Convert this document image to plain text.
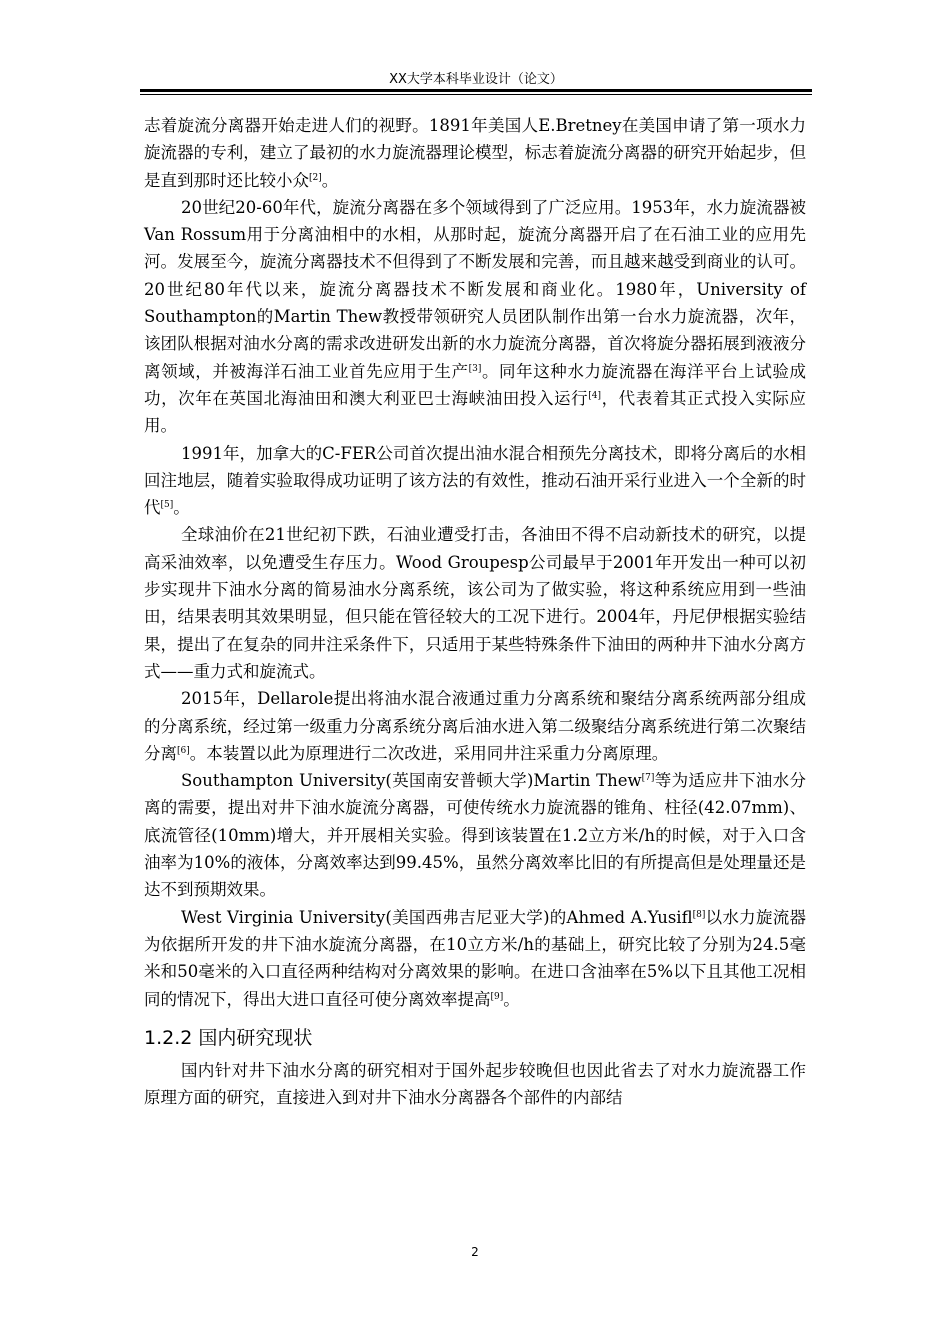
XX大学本科毕业设计（论文）

志着旋流分离器开始走进人们的视野。1891年美国人E.Bretney在美国申请了第一项水力旋流器的专利，建立了最初的水力旋流器理论模型，标志着旋流分离器的研究开始起步，但是直到那时还比较小众[2]。

20世纪20-60年代，旋流分离器在多个领域得到了广泛应用。1953年，水力旋流器被Van Rossum用于分离油相中的水相，从那时起，旋流分离器开启了在石油工业的应用先河。发展至今，旋流分离器技术不但得到了不断发展和完善，而且越来越受到商业的认可。20世纪80年代以来，旋流分离器技术不断发展和商业化。1980年，University of Southampton的Martin Thew教授带领研究人员团队制作出第一台水力旋流器，次年，该团队根据对油水分离的需求改进研发出新的水力旋流分离器，首次将旋分器拓展到液液分离领域，并被海洋石油工业首先应用于生产[3]。同年这种水力旋流器在海洋平台上试验成功，次年在英国北海油田和澳大利亚巴士海峡油田投入运行[4]，代表着其正式投入实际应用。

1991年，加拿大的C-FER公司首次提出油水混合相预先分离技术，即将分离后的水相回注地层，随着实验取得成功证明了该方法的有效性，推动石油开采行业进入一个全新的时代[5]。

全球油价在21世纪初下跌，石油业遭受打击，各油田不得不启动新技术的研究，以提高采油效率，以免遭受生存压力。Wood Groupesp公司最早于2001年开发出一种可以初步实现井下油水分离的简易油水分离系统，该公司为了做实验，将这种系统应用到一些油田，结果表明其效果明显，但只能在管径较大的工况下进行。2004年，丹尼伊根据实验结果，提出了在复杂的同井注采条件下，只适用于某些特殊条件下油田的两种井下油水分离方式——重力式和旋流式。

2015年，Dellarole提出将油水混合液通过重力分离系统和聚结分离系统两部分组成的分离系统，经过第一级重力分离系统分离后油水进入第二级聚结分离系统进行第二次聚结分离[6]。本装置以此为原理进行二次改进，采用同井注采重力分离原理。

Southampton University(英国南安普顿大学)Martin Thew[7]等为适应井下油水分离的需要，提出对井下油水旋流分离器，可使传统水力旋流器的锥角、柱径(42.07mm)、底流管径(10mm)增大，并开展相关实验。得到该装置在1.2立方米/h的时候，对于入口含油率为10%的液体，分离效率达到99.45%，虽然分离效率比旧的有所提高但是处理量还是达不到预期效果。

West Virginia University(美国西弗吉尼亚大学)的Ahmed A.Yusifl[8]以水力旋流器为依据所开发的井下油水旋流分离器，在10立方米/h的基础上，研究比较了分别为24.5毫米和50毫米的入口直径两种结构对分离效果的影响。在进口含油率在5%以下且其他工况相同的情况下，得出大进口直径可使分离效率提高[9]。

1.2.2 国内研究现状

国内针对井下油水分离的研究相对于国外起步较晚但也因此省去了对水力旋流器工作原理方面的研究，直接进入到对井下油水分离器各个部件的内部结

2
